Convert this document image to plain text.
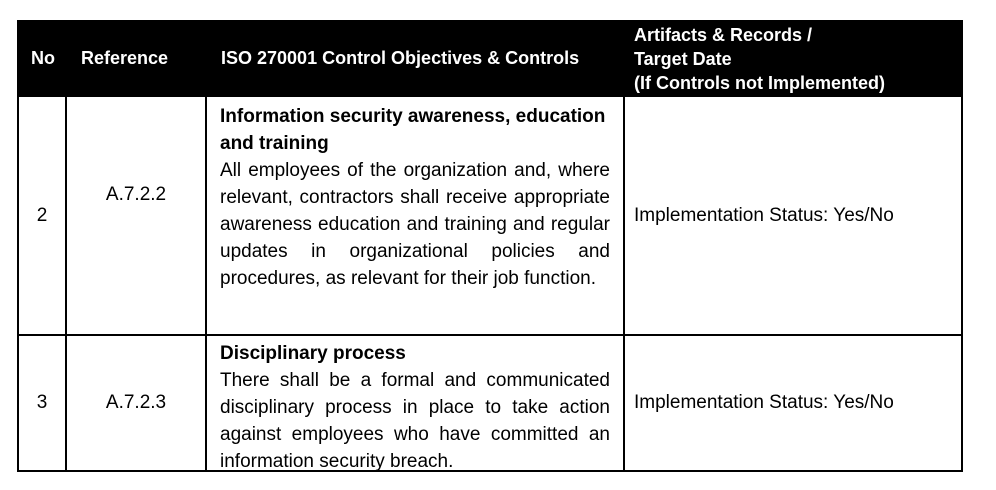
No Reference	ISO 270001 Control Objectives & Controls
Artifacts & Records /
Target Date
(If Controls not Implemented)
2
A.7.2.2
Information security awareness, education and training
All employees of the organization and, where relevant, contractors shall receive appropriate awareness education and training and regular updates in organizational policies and procedures, as relevant for their job function.
Implementation Status: Yes/No
3	A.7.2.3
Disciplinary process
There shall be a formal and communicated disciplinary process in place to take action against employees who have committed an information security breach.
Implementation Status: Yes/No
